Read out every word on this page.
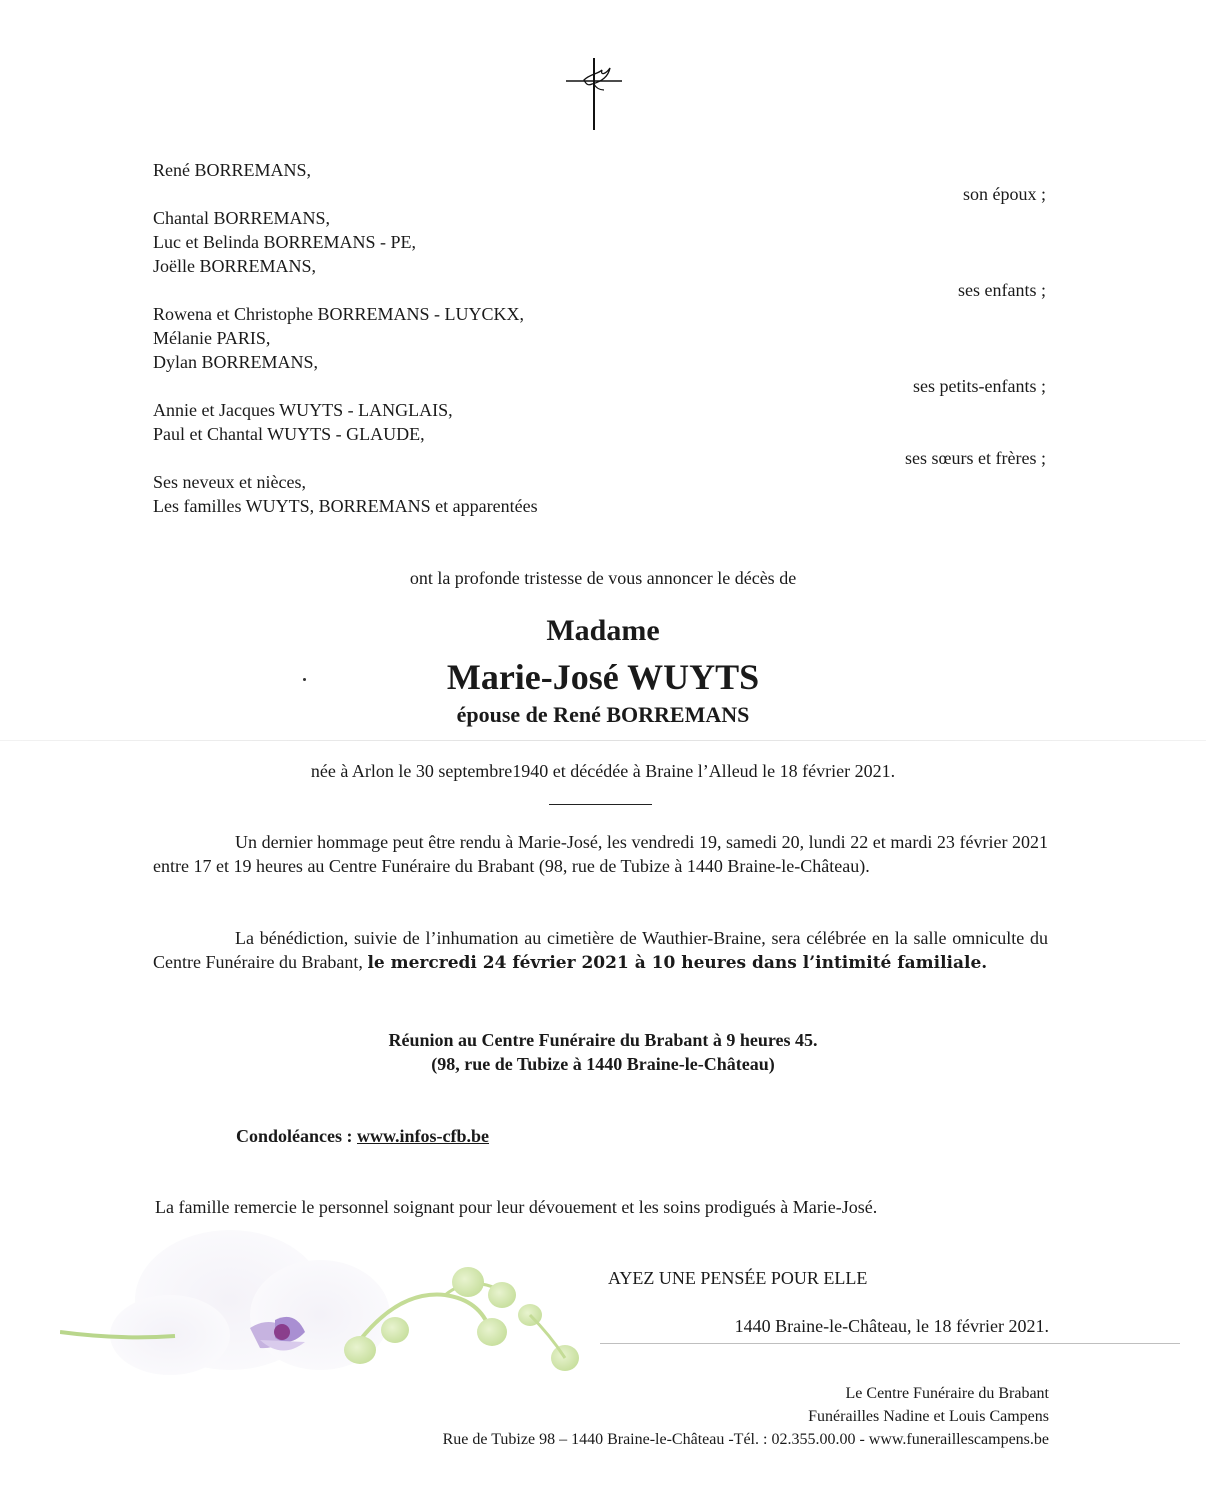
René BORREMANS,
son époux ;
Chantal BORREMANS,
Luc et Belinda BORREMANS - PE,
Joëlle BORREMANS,
ses enfants ;
Rowena et Christophe BORREMANS - LUYCKX,
Mélanie PARIS,
Dylan BORREMANS,
ses petits-enfants ;
Annie et Jacques WUYTS - LANGLAIS,
Paul et Chantal WUYTS - GLAUDE,
ses sœurs et frères ;
Ses neveux et nièces,
Les familles WUYTS, BORREMANS et apparentées
ont la profonde tristesse de vous annoncer le décès de
Madame
Marie-José WUYTS
épouse de René BORREMANS
née à Arlon le 30 septembre1940 et décédée à Braine l’Alleud le 18 février 2021.
Un dernier hommage peut être rendu à Marie-José, les vendredi 19, samedi 20, lundi 22 et mardi 23 février 2021 entre 17 et 19 heures au Centre Funéraire du Brabant (98, rue de Tubize à 1440 Braine-le-Château).
La bénédiction, suivie de l’inhumation au cimetière de Wauthier-Braine, sera célébrée en la salle omniculte du Centre Funéraire du Brabant, le mercredi 24 février 2021 à 10 heures dans l’intimité familiale.
Réunion au Centre Funéraire du Brabant à 9 heures 45.
(98, rue de Tubize à 1440 Braine-le-Château)
Condoléances : www.infos-cfb.be
La famille remercie le personnel soignant pour leur dévouement et les soins prodigués à Marie-José.
AYEZ UNE PENSÉE POUR ELLE
1440 Braine-le-Château, le 18 février 2021.
Le Centre Funéraire du Brabant
Funérailles Nadine et Louis Campens
Rue de Tubize 98 – 1440 Braine-le-Château -Tél. : 02.355.00.00 - www.funeraillescampens.be
